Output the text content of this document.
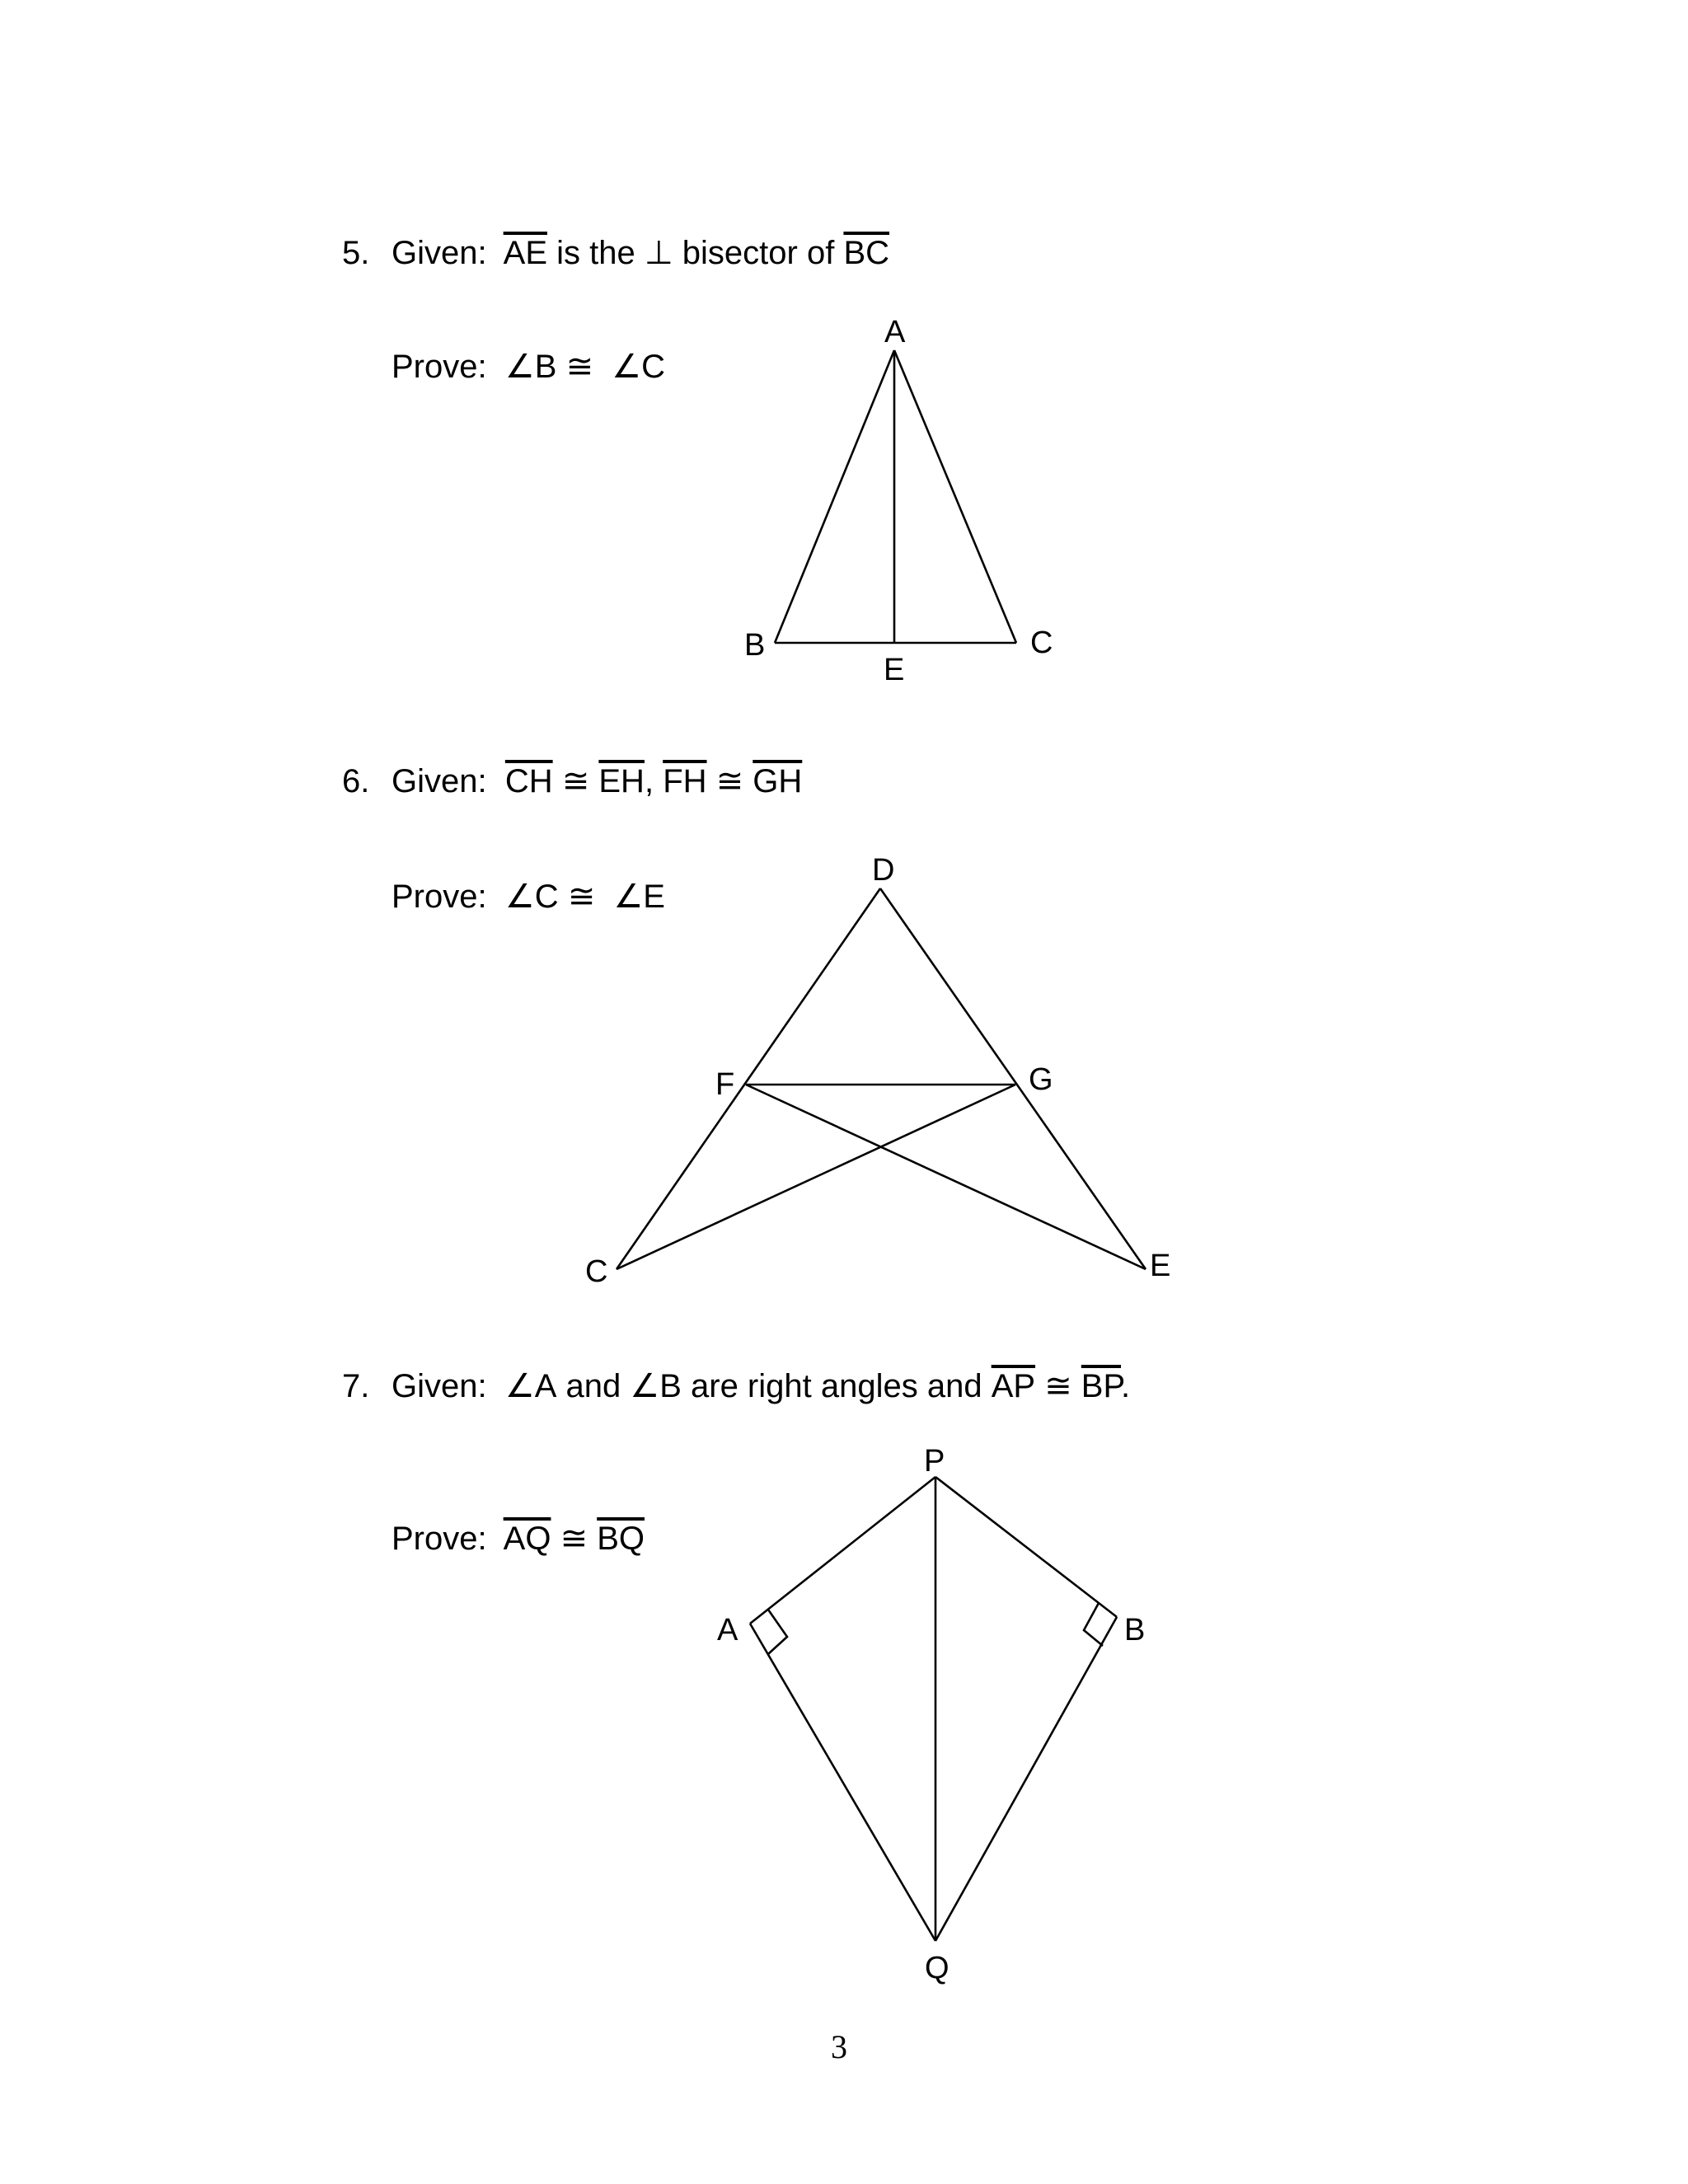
5. Given: $\overline{AE}$ is the ⊥ bisector of $\overline{BC}$
Prove: ∠B ≅  ∠C
A
B	C
E
6. Given: $\overline{CH}$ ≅ $\overline{EH}$, $\overline{FH}$ ≅ $\overline{GH}$
Prove: ∠C ≅  ∠E
D
F	G
C	E
7. Given: ∠A and ∠B are right angles and $\overline{AP}$ ≅ $\overline{BP}$.
Prove: $\overline{AQ}$ ≅ $\overline{BQ}$
P
A	B
Q
3
